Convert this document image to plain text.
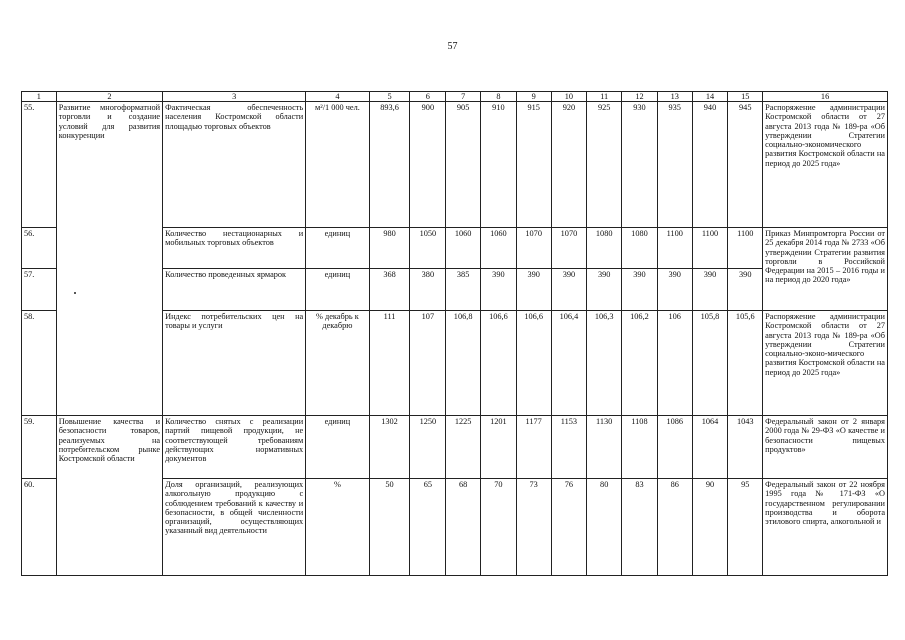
57
1	2	3	4	5	6	7	8	9	10	11	12	13	14	15	16
55.	Развитие многоформатной торговли и создание условий для развития конкуренции	Фактическая обеспеченность населения Костромской области площадью торговых объектов	м²/1 000 чел.	893,6	900	905	910	915	920	925	930	935	940	945	Распоряжение администрации Костромской области от 27 августа 2013 года № 189-ра «Об утверждении Стратегии социально-экономического развития Костромской области на период до 2025 года»
56.		Количество нестационарных и мобильных торговых объектов	единиц	980	1050	1060	1060	1070	1070	1080	1080	1100	1100	1100	Приказ Минпромторга России от 25 декабря 2014 года № 2733 «Об утверждении Стратегии развития торговли в Российской Федерации на 2015 – 2016 годы и на период до 2020 года»
57.		Количество проведенных ярмарок	единиц	368	380	385	390	390	390	390	390	390	390	390	
58.		Индекс потребительских цен на товары и услуги	% декабрь к декабрю	111	107	106,8	106,6	106,6	106,4	106,3	106,2	106	105,8	105,6	Распоряжение администрации Костромской области от 27 августа 2013 года № 189-ра «Об утверждении Стратегии социально-эконо-мического развития Костромской области на период до 2025 года»
59.	Повышение качества и безопасности товаров, реализуемых на потребительском рынке Костромской области	Количество снятых с реализации партий пищевой продукции, не соответствующей требованиям действующих нормативных документов	единиц	1302	1250	1225	1201	1177	1153	1130	1108	1086	1064	1043	Федеральный закон от 2 января 2000 года № 29-ФЗ «О качестве и безопасности пищевых продуктов»
60.		Доля организаций, реализующих алкогольную продукцию с соблюдением требований к качеству и безопасности, в общей численности организаций, осуществляющих указанный вид деятельности	%	50	65	68	70	73	76	80	83	86	90	95	Федеральный закон от 22 ноября 1995 года № 171-ФЗ «О государственном регулировании производства и оборота этилового спирта, алкогольной и
